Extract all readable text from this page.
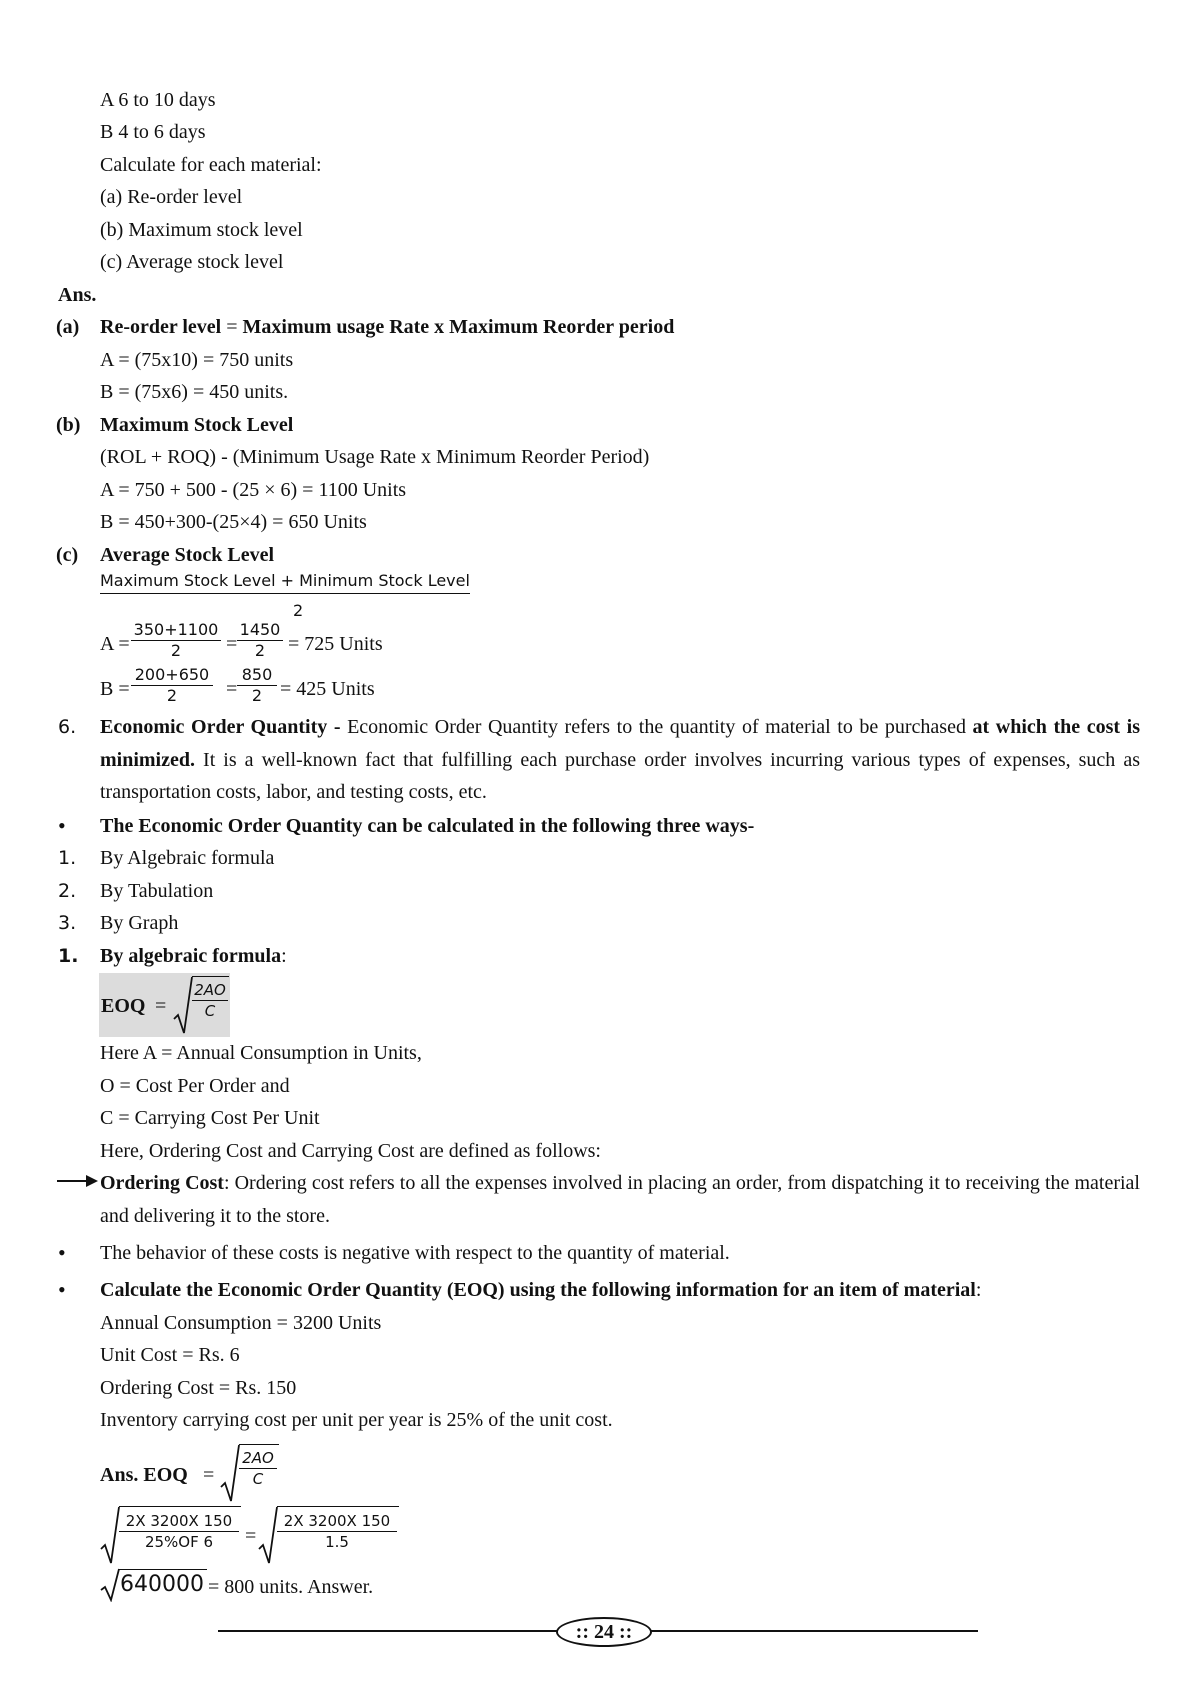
A 6 to 10 days
B 4 to 6 days
Calculate for each material:
(a) Re-order level
(b) Maximum stock level
(c) Average stock level
Ans.
(a) Re-order level = Maximum usage Rate x Maximum Reorder period
A = (75x10) = 750 units
B = (75x6) = 450 units.
(b) Maximum Stock Level
(ROL + ROQ) - (Minimum Usage Rate x Minimum Reorder Period)
A = 750 + 500 - (25 × 6) = 1100 Units
B = 450+300-(25×4) = 650 Units
(c) Average Stock Level
Maximum Stock Level + Minimum Stock Level
2
$A = \frac{350+1100}{2} = \frac{1450}{2} = 725$ Units
$B = \frac{200+650}{2} = \frac{850}{2} = 425$ Units
6. Economic Order Quantity - Economic Order Quantity refers to the quantity of material to be purchased at which the cost is minimized. It is a well-known fact that fulfilling each purchase order involves incurring various types of expenses, such as transportation costs, labor, and testing costs, etc.
• The Economic Order Quantity can be calculated in the following three ways-
1. By Algebraic formula
2. By Tabulation
3. By Graph
1. By algebraic formula:
EOQ = $\frac{2AO}{C}$
Here A = Annual Consumption in Units,
O = Cost Per Order and
C = Carrying Cost Per Unit
Here, Ordering Cost and Carrying Cost are defined as follows:
Ordering Cost: Ordering cost refers to all the expenses involved in placing an order, from dispatching it to receiving the material and delivering it to the store.
• The behavior of these costs is negative with respect to the quantity of material.
• Calculate the Economic Order Quantity (EOQ) using the following information for an item of material:
Annual Consumption = 3200 Units
Unit Cost = Rs. 6
Ordering Cost = Rs. 150
Inventory carrying cost per unit per year is 25% of the unit cost.
Ans. EOQ = $\frac{2AO}{C}$
$\frac{2X 3200X 150}{25\%OF 6} = \frac{2X 3200X 150}{1.5}$
640000 = 800 units. Answer.
:: 24 ::
